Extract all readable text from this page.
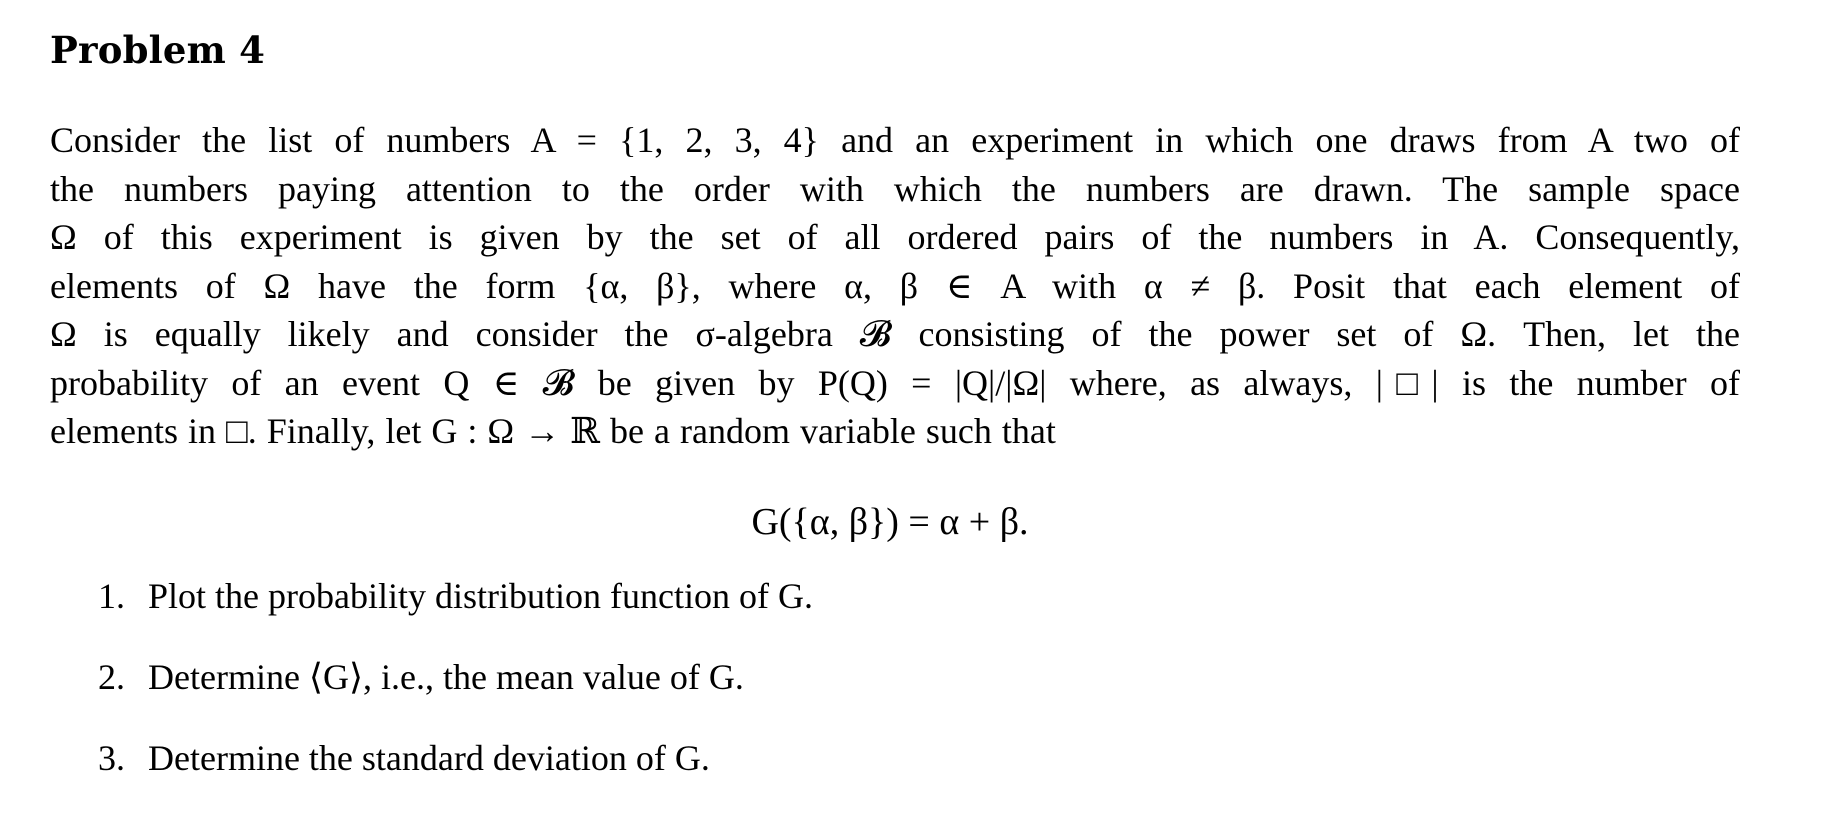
Problem 4
Consider the list of numbers A = {1, 2, 3, 4} and an experiment in which one draws from A two of
the numbers paying attention to the order with which the numbers are drawn. The sample space
Ω of this experiment is given by the set of all ordered pairs of the numbers in A. Consequently,
elements of Ω have the form {α, β}, where α, β ∈ A with α ≠ β. Posit that each element of
Ω is equally likely and consider the σ-algebra 𝓑 consisting of the power set of Ω. Then, let the
probability of an event Q ∈ 𝓑 be given by P(Q) = |Q|/|Ω| where, as always, |□| is the number of
elements in □. Finally, let G : Ω → ℝ be a random variable such that
G({α, β}) = α + β.
1. Plot the probability distribution function of G.
2. Determine ⟨G⟩, i.e., the mean value of G.
3. Determine the standard deviation of G.
